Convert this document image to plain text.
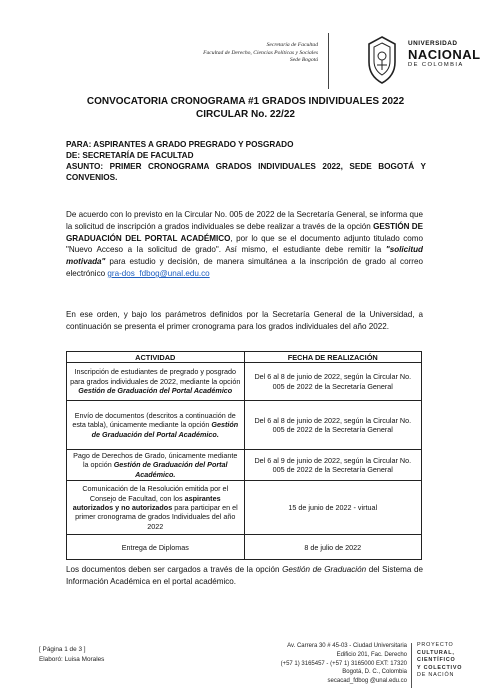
Secretaría de Facultad
Facultad de Derecho, Ciencias Políticas y Sociales
Sede Bogotá
UNIVERSIDAD
NACIONAL
DE COLOMBIA
CONVOCATORIA CRONOGRAMA #1 GRADOS INDIVIDUALES 2022
CIRCULAR No. 22/22
PARA: ASPIRANTES A GRADO PREGRADO Y POSGRADO
DE: SECRETARÍA DE FACULTAD
ASUNTO: PRIMER CRONOGRAMA GRADOS INDIVIDUALES 2022, SEDE BOGOTÁ Y CONVENIOS.
De acuerdo con lo previsto en la Circular No. 005 de 2022 de la Secretaría General, se informa que la solicitud de inscripción a grados individuales se debe realizar a través de la opción GESTIÓN DE GRADUACIÓN DEL PORTAL ACADÉMICO, por lo que se el documento adjunto titulado como "Nuevo Acceso a la solicitud de grado". Así mismo, el estudiante debe remitir la "solicitud motivada" para estudio y decisión, de manera simultánea a la inscripción de grado al correo electrónico gra-dos_fdbog@unal.edu.co
En ese orden, y bajo los parámetros definidos por la Secretaría General de la Universidad, a continuación se presenta el primer cronograma para los grados individuales del año 2022.
ACTIVIDAD	FECHA DE REALIZACIÓN

Inscripción de estudiantes de pregrado y posgrado para grados individuales de 2022, mediante la opción Gestión de Graduación del Portal Académico	Del 6 al 8 de junio de 2022, según la Circular No. 005 de 2022 de la Secretaría General

Envío de documentos (descritos a continuación de esta tabla), únicamente mediante la opción Gestión de Graduación del Portal Académico.	Del 6 al 8 de junio de 2022, según la Circular No. 005 de 2022 de la Secretaría General

Pago de Derechos de Grado, únicamente mediante la opción Gestión de Graduación del Portal Académico.	Del 6 al 9 de junio de 2022, según la Circular No. 005 de 2022 de la Secretaría General

Comunicación de la Resolución emitida por el Consejo de Facultad, con los aspirantes autorizados y no autorizados para participar en el primer cronograma de grados Individuales del año 2022	15 de junio de 2022 - virtual

Entrega de Diplomas	8 de julio de 2022
Los documentos deben ser cargados a través de la opción Gestión de Graduación del Sistema de Información Académica en el portal académico.
[ Página 1 de 3 ]
Elaboró: Luisa Morales
Av. Carrera 30 # 45-03 - Ciudad Universitaria
Edificio 201, Fac. Derecho
(+57 1) 3165457 - (+57 1) 3165000 EXT: 17320
Bogotá, D. C., Colombia
secacad_fdbog @unal.edu.co
PROYECTO
CULTURAL,
CIENTÍFICO
Y COLECTIVO
DE NACIÓN
